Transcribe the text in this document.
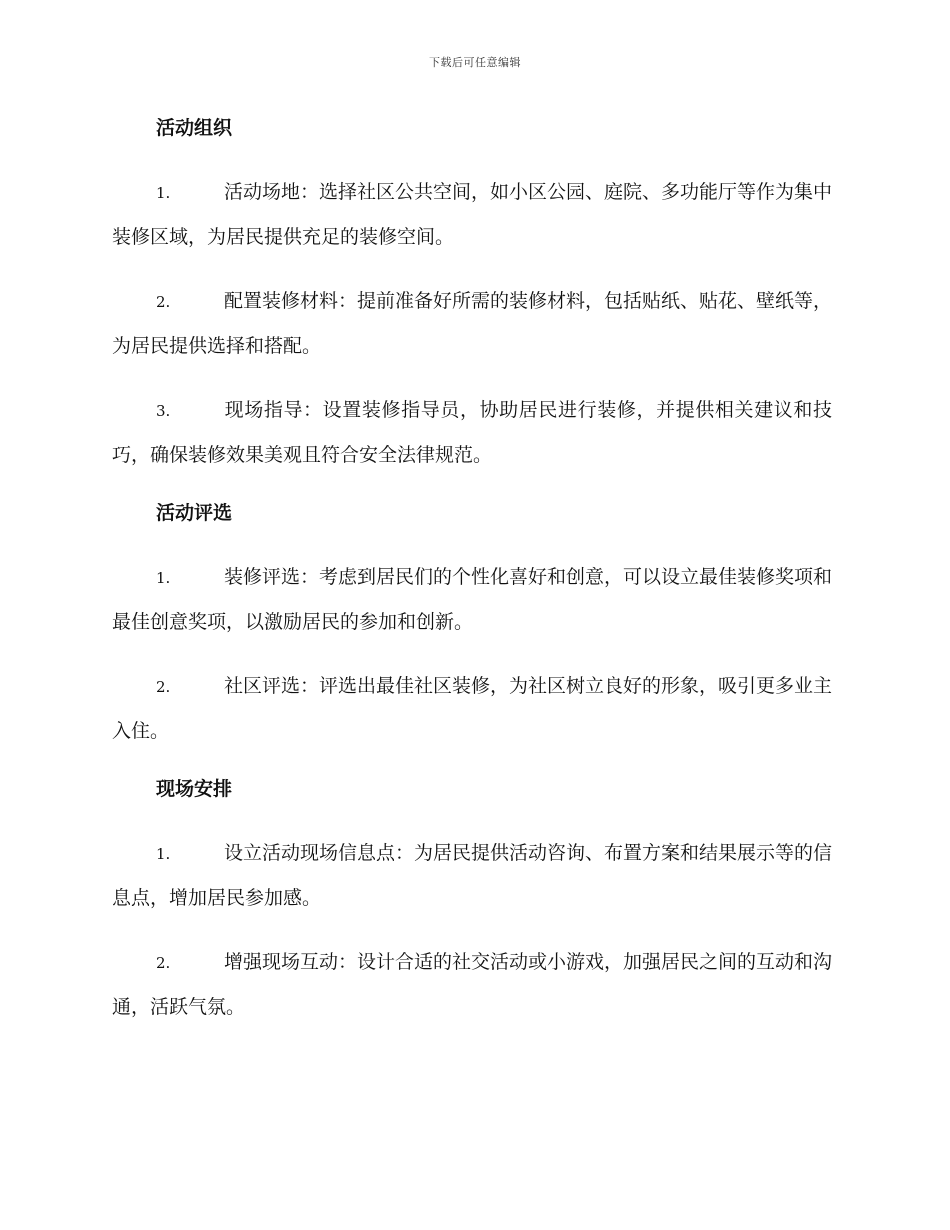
下载后可任意编辑
活动组织

1.	活动场地：选择社区公共空间，如小区公园、庭院、多功能厅等作为集中装修区域，为居民提供充足的装修空间。

2.	配置装修材料：提前准备好所需的装修材料，包括贴纸、贴花、壁纸等，为居民提供选择和搭配。

3.	现场指导：设置装修指导员，协助居民进行装修，并提供相关建议和技巧，确保装修效果美观且符合安全法律规范。

活动评选

1.	装修评选：考虑到居民们的个性化喜好和创意，可以设立最佳装修奖项和最佳创意奖项，以激励居民的参加和创新。

2.	社区评选：评选出最佳社区装修，为社区树立良好的形象，吸引更多业主入住。

现场安排

1.	设立活动现场信息点：为居民提供活动咨询、布置方案和结果展示等的信息点，增加居民参加感。

2.	增强现场互动：设计合适的社交活动或小游戏，加强居民之间的互动和沟通，活跃气氛。
